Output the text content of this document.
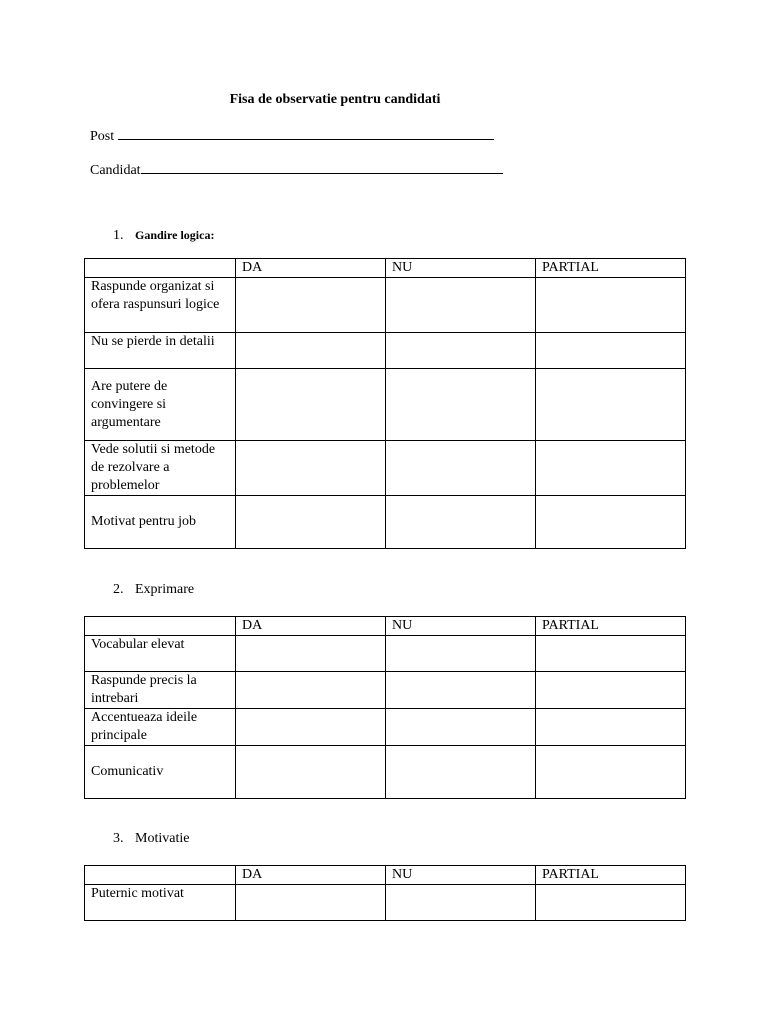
Fisa de observatie pentru candidati
Post
Candidat
1. Gandire logica:
	DA	NU	PARTIAL
Raspunde organizat si ofera raspunsuri logice			
Nu se pierde in detalii			
Are putere de convingere si argumentare			
Vede solutii si metode de rezolvare a problemelor			
Motivat pentru job			
2. Exprimare
	DA	NU	PARTIAL
Vocabular elevat			
Raspunde precis la intrebari			
Accentueaza ideile principale			
Comunicativ			
3. Motivatie
	DA	NU	PARTIAL
Puternic motivat			
